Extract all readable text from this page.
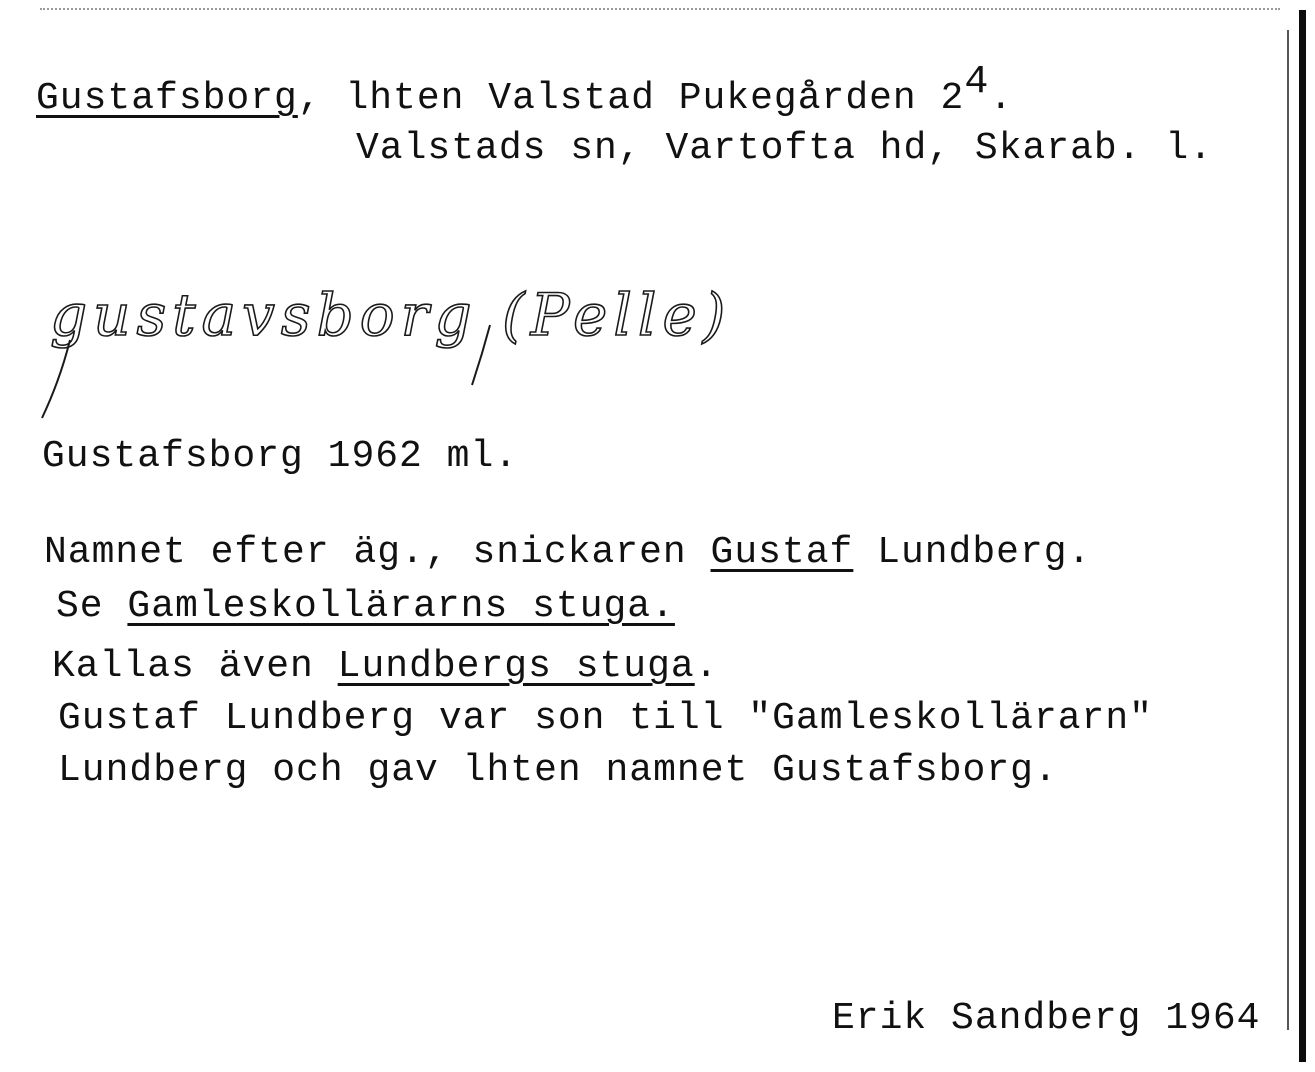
Gustafsborg, lhten Valstad Pukegården 24.
Valstads sn, Vartofta hd, Skarab. l.
gustavsborg (Pelle)
Gustafsborg 1962 ml.
Namnet efter äg., snickaren Gustaf Lundberg.
Se Gamleskollärarns stuga.
Kallas även Lundbergs stuga.
Gustaf Lundberg var son till "Gamleskollärarn"
Lundberg och gav lhten namnet Gustafsborg.
Erik Sandberg 1964
